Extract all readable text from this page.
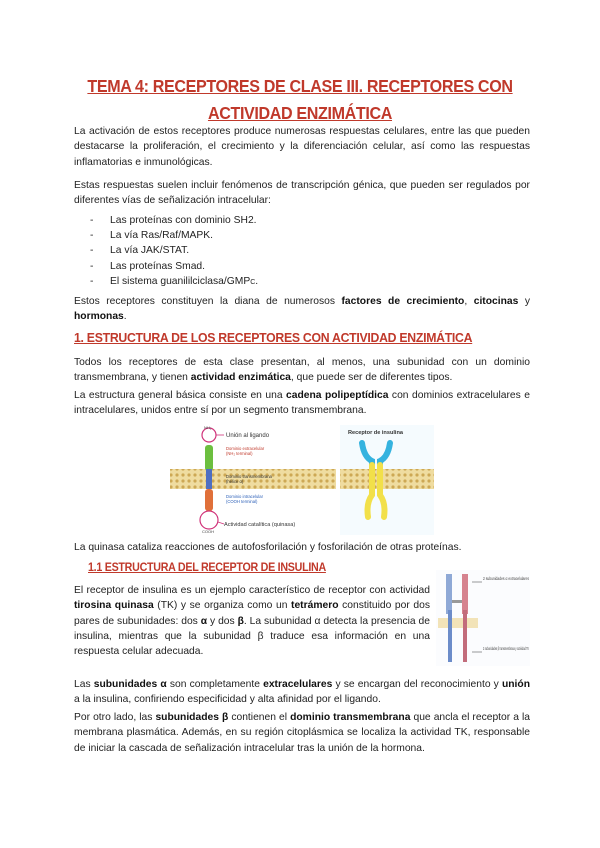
TEMA 4: RECEPTORES DE CLASE III. RECEPTORES CON
ACTIVIDAD ENZIMÁTICA

La activación de estos receptores produce numerosas respuestas celulares, entre las que pueden destacarse la proliferación, el crecimiento y la diferenciación celular, así como las respuestas inflamatorias e inmunológicas.

Estas respuestas suelen incluir fenómenos de transcripción génica, que pueden ser regulados por diferentes vías de señalización intracelular:

- Las proteínas con dominio SH2.
- La vía Ras/Raf/MAPK.
- La vía JAK/STAT.
- Las proteínas Smad.
- El sistema guanililciclasa/GMPC.

Estos receptores constituyen la diana de numerosos factores de crecimiento, citocinas y hormonas.

1. ESTRUCTURA DE LOS RECEPTORES CON ACTIVIDAD ENZIMÁTICA

Todos los receptores de esta clase presentan, al menos, una subunidad con un dominio transmembrana, y tienen actividad enzimática, que puede ser de diferentes tipos.

La estructura general básica consiste en una cadena polipeptídica con dominios extracelulares e intracelulares, unidos entre sí por un segmento transmembrana.

NH₂
COOH
Unión al ligando
Dominio extracelular
(NH₂ terminal)
Dominio transmembrana
(hélice α)
Dominio intracelular
(COOH terminal)
Actividad catalítica (quinasa)
Receptor de insulina

La quinasa cataliza reacciones de autofosforilación y fosforilación de otras proteínas.

1.1 ESTRUCTURA DEL RECEPTOR DE INSULINA

El receptor de insulina es un ejemplo característico de receptor con actividad tirosina quinasa (TK) y se organiza como un tetrámero constituido por dos pares de subunidades: dos α y dos β. La subunidad α detecta la presencia de insulina, mientras que la subunidad β traduce esa información en una respuesta celular adecuada.

2 subunidades α extracelulares
2 subunidades β transmembrana y actividad TK

Las subunidades α son completamente extracelulares y se encargan del reconocimiento y unión a la insulina, confiriendo especificidad y alta afinidad por el ligando.

Por otro lado, las subunidades β contienen el dominio transmembrana que ancla el receptor a la membrana plasmática. Además, en su región citoplásmica se localiza la actividad TK, responsable de iniciar la cascada de señalización intracelular tras la unión de la hormona.
